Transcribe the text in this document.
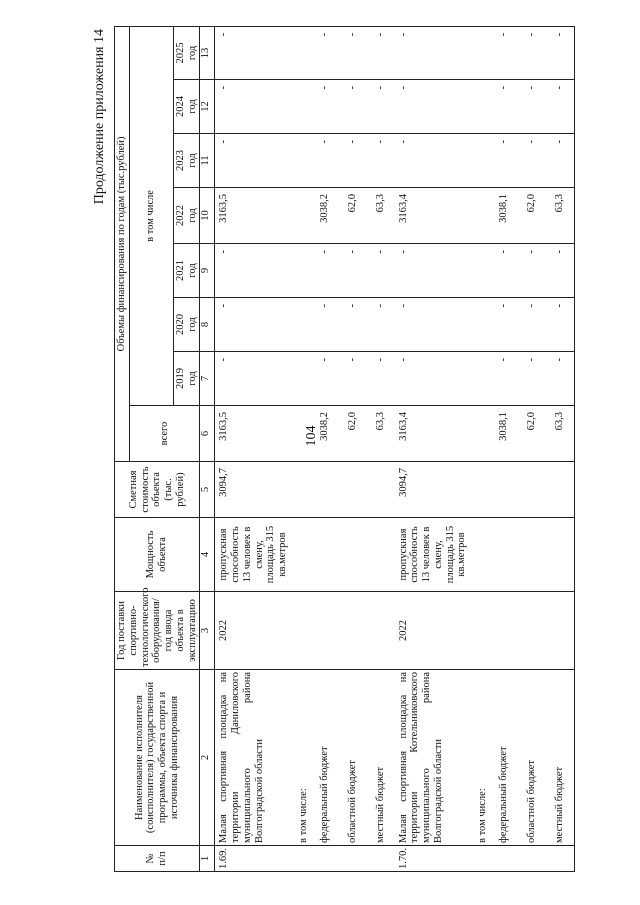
104
Продолжение приложения 14
№ п/п	Наименование исполнителя (соисполнителя) государственной программы, объекта спорта и источника финансирования	Год поставки спортивно-технологического оборудования/ год ввода объекта в эксплуатацию	Мощность объекта	Сметная стоимость объекта (тыс. рублей)	Объемы финансирования по годам (тыс.рублей)							
					всего	в том числе						

						2019 год	2020 год	2021 год	2022 год	2023 год	2024 год	2025 год

1	2	3	4	5	6	7	8	9	10	11	12	13
1.69.	Малая спортивная площадка на территории Даниловского муниципального района Волгоградской области	2022	пропускная способность 13 человек в смену, площадь 315 кв.метров	3094,7	3163,5	-	-	-	3163,5	-	-	-
	в том числе:											
	федеральный бюджет				3038,2	-	-	-	3038,2	-	-	-
	областной бюджет				62,0	-	-	-	62,0	-	-	-
	местный бюджет				63,3	-	-	-	63,3	-	-	-
1.70.	Малая спортивная площадка на территории Котельниковского муниципального района Волгоградской области	2022	пропускная способность 13 человек в смену, площадь 315 кв.метров	3094,7	3163,4	-	-	-	3163,4	-	-	-
	в том числе:											
	федеральный бюджет				3038,1	-	-	-	3038,1	-	-	-
	областной бюджет				62,0	-	-	-	62,0	-	-	-
	местный бюджет				63,3	-	-	-	63,3	-	-	-
